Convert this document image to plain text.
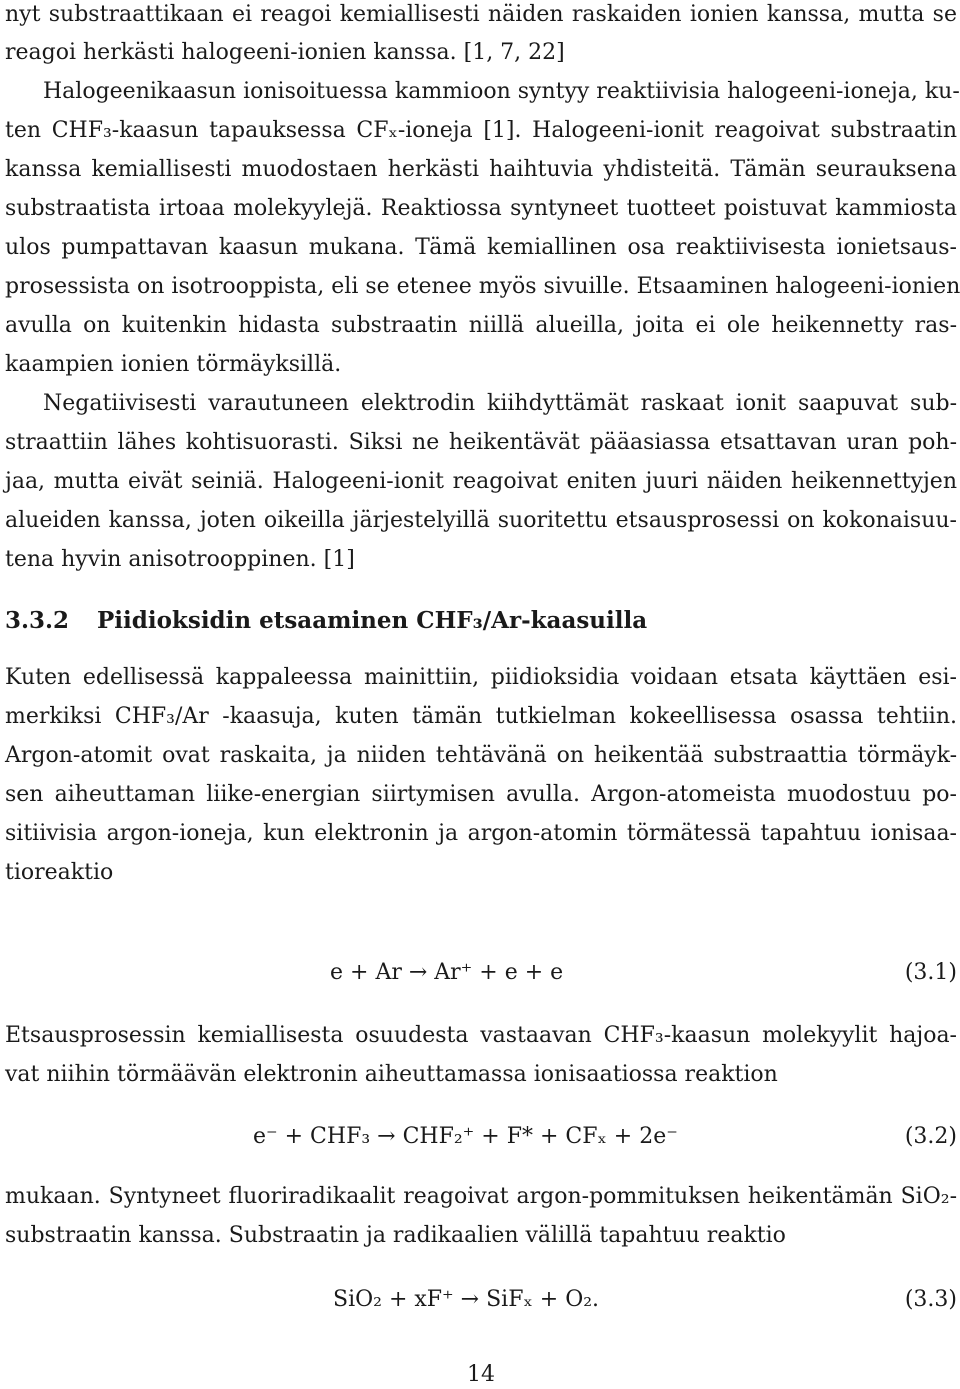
nyt substraattikaan ei reagoi kemiallisesti näiden raskaiden ionien kanssa, mutta se
reagoi herkästi halogeeni-ionien kanssa. [1, 7, 22]
Halogeenikaasun ionisoituessa kammioon syntyy reaktiivisia halogeeni-ioneja, ku-
ten CHF₃-kaasun tapauksessa CFₓ-ioneja [1]. Halogeeni-ionit reagoivat substraatin
kanssa kemiallisesti muodostaen herkästi haihtuvia yhdisteitä. Tämän seurauksena
substraatista irtoaa molekyylejä. Reaktiossa syntyneet tuotteet poistuvat kammiosta
ulos pumpattavan kaasun mukana. Tämä kemiallinen osa reaktiivisesta ionietsaus-
prosessista on isotrooppista, eli se etenee myös sivuille. Etsaaminen halogeeni-ionien
avulla on kuitenkin hidasta substraatin niillä alueilla, joita ei ole heikennetty ras-
kaampien ionien törmäyksillä.
Negatiivisesti varautuneen elektrodin kiihdyttämät raskaat ionit saapuvat sub-
straattiin lähes kohtisuorasti. Siksi ne heikentävät pääasiassa etsattavan uran poh-
jaa, mutta eivät seiniä. Halogeeni-ionit reagoivat eniten juuri näiden heikennettyjen
alueiden kanssa, joten oikeilla järjestelyillä suoritettu etsausprosessi on kokonaisuu-
tena hyvin anisotrooppinen. [1]
3.3.2 Piidioksidin etsaaminen CHF₃/Ar-kaasuilla
Kuten edellisessä kappaleessa mainittiin, piidioksidia voidaan etsata käyttäen esi-
merkiksi CHF₃/Ar -kaasuja, kuten tämän tutkielman kokeellisessa osassa tehtiin.
Argon-atomit ovat raskaita, ja niiden tehtävänä on heikentää substraattia törmäyk-
sen aiheuttaman liike-energian siirtymisen avulla. Argon-atomeista muodostuu po-
sitiivisia argon-ioneja, kun elektronin ja argon-atomin törmätessä tapahtuu ionisaa-
tioreaktio
e + Ar → Ar⁺ + e + e	(3.1)
Etsausprosessin kemiallisesta osuudesta vastaavan CHF₃-kaasun molekyylit hajoa-
vat niihin törmäävän elektronin aiheuttamassa ionisaatiossa reaktion
e⁻ + CHF₃ → CHF₂⁺ + F* + CFₓ + 2e⁻	(3.2)
mukaan. Syntyneet fluoriradikaalit reagoivat argon-pommituksen heikentämän SiO₂-
substraatin kanssa. Substraatin ja radikaalien välillä tapahtuu reaktio
SiO₂ + xF⁺ → SiFₓ + O₂.	(3.3)
14
